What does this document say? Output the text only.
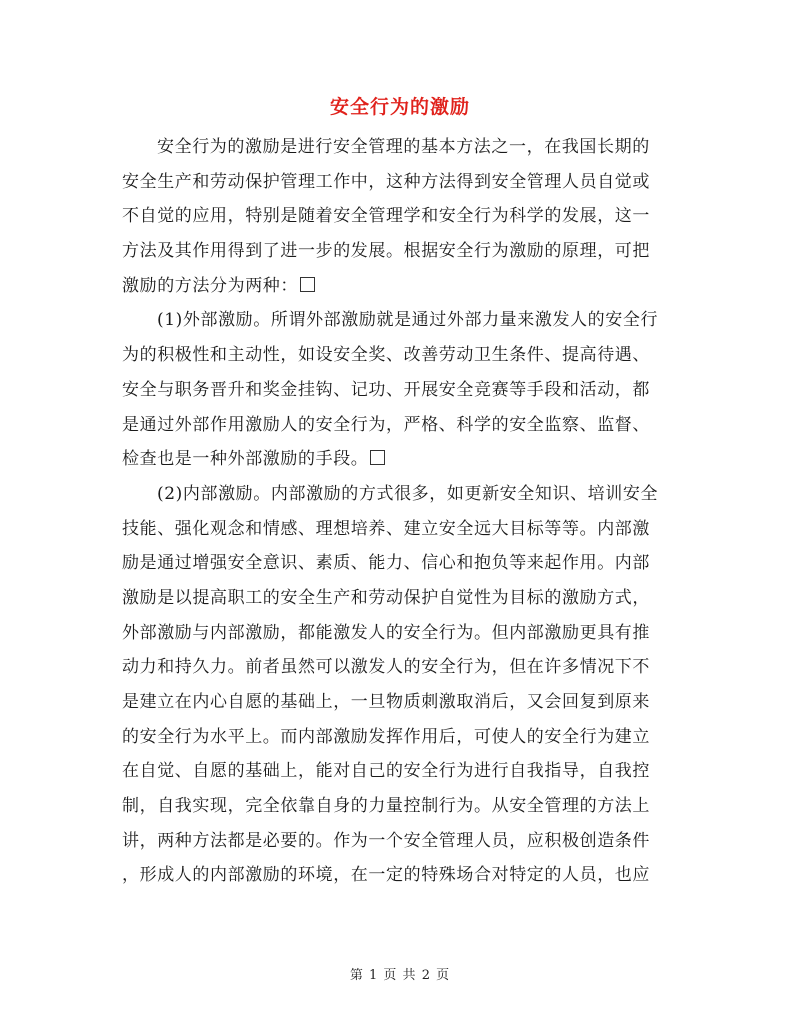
安全行为的激励
安全行为的激励是进行安全管理的基本方法之一，在我国长期的
安全生产和劳动保护管理工作中，这种方法得到安全管理人员自觉或
不自觉的应用，特别是随着安全管理学和安全行为科学的发展，这一
方法及其作用得到了进一步的发展。根据安全行为激励的原理，可把
激励的方法分为两种：
(1)外部激励。所谓外部激励就是通过外部力量来激发人的安全行
为的积极性和主动性，如设安全奖、改善劳动卫生条件、提高待遇、
安全与职务晋升和奖金挂钩、记功、开展安全竞赛等手段和活动，都
是通过外部作用激励人的安全行为，严格、科学的安全监察、监督、
检查也是一种外部激励的手段。
(2)内部激励。内部激励的方式很多，如更新安全知识、培训安全
技能、强化观念和情感、理想培养、建立安全远大目标等等。内部激
励是通过增强安全意识、素质、能力、信心和抱负等来起作用。内部
激励是以提高职工的安全生产和劳动保护自觉性为目标的激励方式，
外部激励与内部激励，都能激发人的安全行为。但内部激励更具有推
动力和持久力。前者虽然可以激发人的安全行为，但在许多情况下不
是建立在内心自愿的基础上，一旦物质刺激取消后，又会回复到原来
的安全行为水平上。而内部激励发挥作用后，可使人的安全行为建立
在自觉、自愿的基础上，能对自己的安全行为进行自我指导，自我控
制，自我实现，完全依靠自身的力量控制行为。从安全管理的方法上
讲，两种方法都是必要的。作为一个安全管理人员，应积极创造条件
，形成人的内部激励的环境，在一定的特殊场合对特定的人员，也应
第 1 页 共 2 页
